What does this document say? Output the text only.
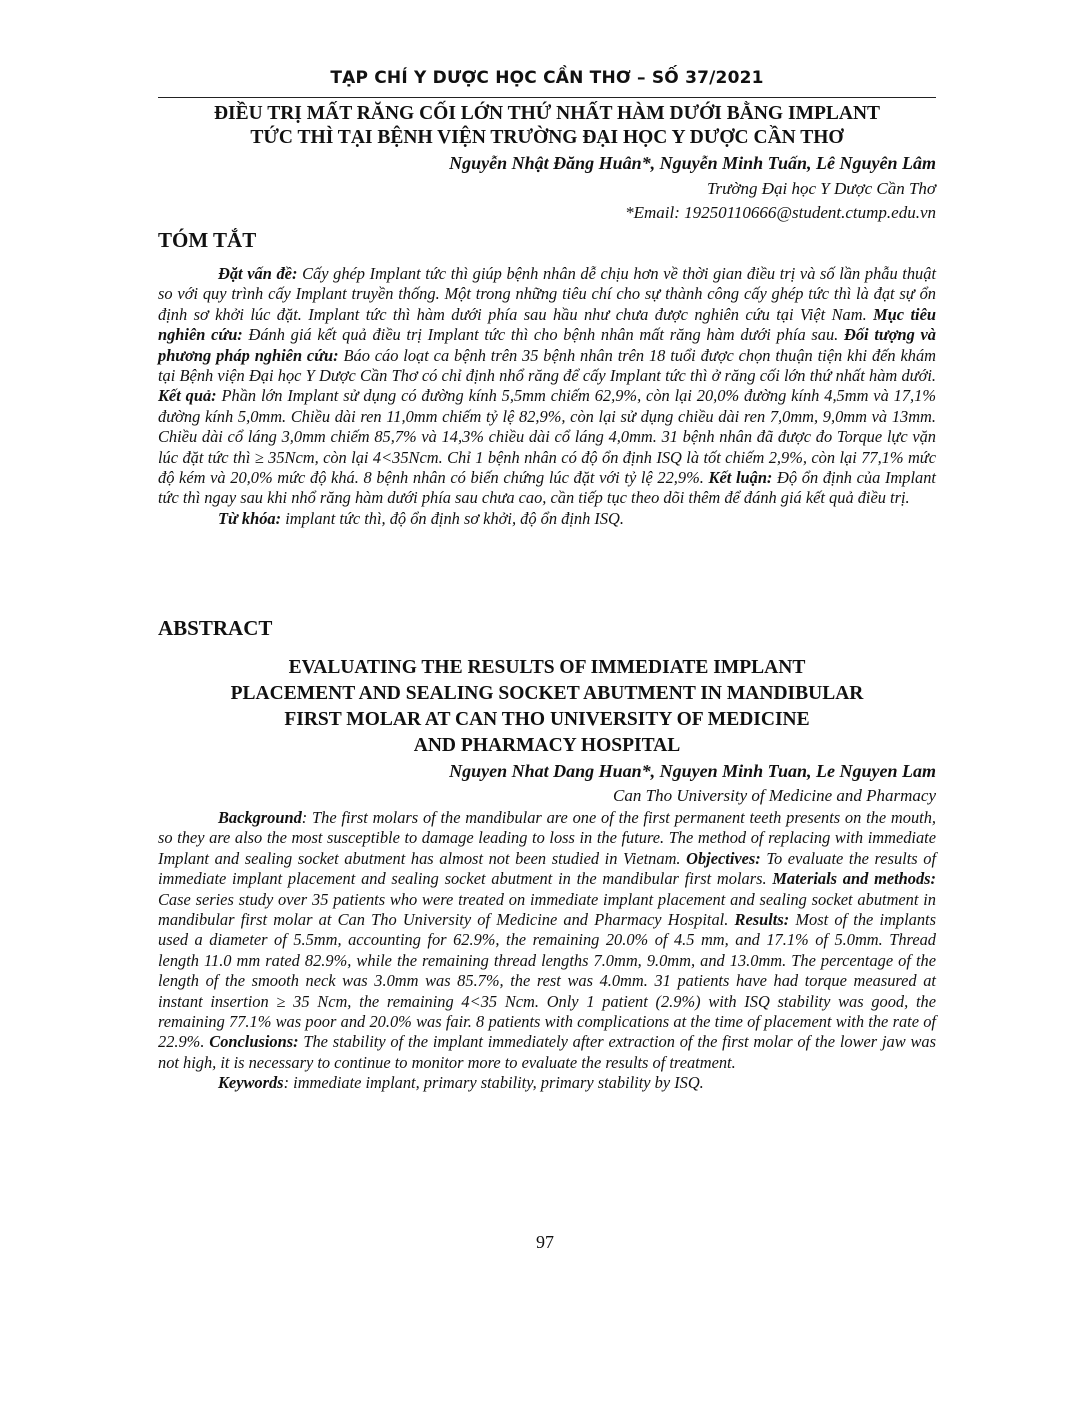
TẠP CHÍ Y DƯỢC HỌC CẦN THƠ – SỐ 37/2021
ĐIỀU TRỊ MẤT RĂNG CỐI LỚN THỨ NHẤT HÀM DƯỚI BẰNG IMPLANT
TỨC THÌ TẠI BỆNH VIỆN TRƯỜNG ĐẠI HỌC Y DƯỢC CẦN THƠ
Nguyễn Nhật Đăng Huân*, Nguyễn Minh Tuấn, Lê Nguyên Lâm
Trường Đại học Y Dược Cần Thơ
*Email: 19250110666@student.ctump.edu.vn
TÓM TẮT

Đặt vấn đề: Cấy ghép Implant tức thì giúp bệnh nhân dễ chịu hơn về thời gian điều trị và số lần phẫu thuật so với quy trình cấy Implant truyền thống. Một trong những tiêu chí cho sự thành công cấy ghép tức thì là đạt sự ổn định sơ khởi lúc đặt. Implant tức thì hàm dưới phía sau hầu như chưa được nghiên cứu tại Việt Nam. Mục tiêu nghiên cứu: Đánh giá kết quả điều trị Implant tức thì cho bệnh nhân mất răng hàm dưới phía sau. Đối tượng và phương pháp nghiên cứu: Báo cáo loạt ca bệnh trên 35 bệnh nhân trên 18 tuổi được chọn thuận tiện khi đến khám tại Bệnh viện Đại học Y Dược Cần Thơ có chỉ định nhổ răng để cấy Implant tức thì ở răng cối lớn thứ nhất hàm dưới. Kết quả: Phần lớn Implant sử dụng có đường kính 5,5mm chiếm 62,9%, còn lại 20,0% đường kính 4,5mm và 17,1% đường kính 5,0mm. Chiều dài ren 11,0mm chiếm tỷ lệ 82,9%, còn lại sử dụng chiều dài ren 7,0mm, 9,0mm và 13mm. Chiều dài cổ láng 3,0mm chiếm 85,7% và 14,3% chiều dài cổ láng 4,0mm. 31 bệnh nhân đã được đo Torque lực vặn lúc đặt tức thì ≥ 35Ncm, còn lại 4<35Ncm. Chỉ 1 bệnh nhân có độ ổn định ISQ là tốt chiếm 2,9%, còn lại 77,1% mức độ kém và 20,0% mức độ khá. 8 bệnh nhân có biến chứng lúc đặt với tỷ lệ 22,9%. Kết luận: Độ ổn định của Implant tức thì ngay sau khi nhổ răng hàm dưới phía sau chưa cao, cần tiếp tục theo dõi thêm để đánh giá kết quả điều trị.

Từ khóa: implant tức thì, độ ổn định sơ khởi, độ ổn định ISQ.

ABSTRACT
EVALUATING THE RESULTS OF IMMEDIATE IMPLANT
PLACEMENT AND SEALING SOCKET ABUTMENT IN MANDIBULAR
FIRST MOLAR AT CAN THO UNIVERSITY OF MEDICINE
AND PHARMACY HOSPITAL
Nguyen Nhat Dang Huan*, Nguyen Minh Tuan, Le Nguyen Lam
Can Tho University of Medicine and Pharmacy

Background: The first molars of the mandibular are one of the first permanent teeth presents on the mouth, so they are also the most susceptible to damage leading to loss in the future. The method of replacing with immediate Implant and sealing socket abutment has almost not been studied in Vietnam. Objectives: To evaluate the results of immediate implant placement and sealing socket abutment in the mandibular first molars. Materials and methods: Case series study over 35 patients who were treated on immediate implant placement and sealing socket abutment in mandibular first molar at Can Tho University of Medicine and Pharmacy Hospital. Results: Most of the implants used a diameter of 5.5mm, accounting for 62.9%, the remaining 20.0% of 4.5 mm, and 17.1% of 5.0mm. Thread length 11.0 mm rated 82.9%, while the remaining thread lengths 7.0mm, 9.0mm, and 13.0mm. The percentage of the length of the smooth neck was 3.0mm was 85.7%, the rest was 4.0mm. 31 patients have had torque measured at instant insertion ≥ 35 Ncm, the remaining 4<35 Ncm. Only 1 patient (2.9%) with ISQ stability was good, the remaining 77.1% was poor and 20.0% was fair. 8 patients with complications at the time of placement with the rate of 22.9%. Conclusions: The stability of the implant immediately after extraction of the first molar of the lower jaw was not high, it is necessary to continue to monitor more to evaluate the results of treatment.

Keywords: immediate implant, primary stability, primary stability by ISQ.

97
